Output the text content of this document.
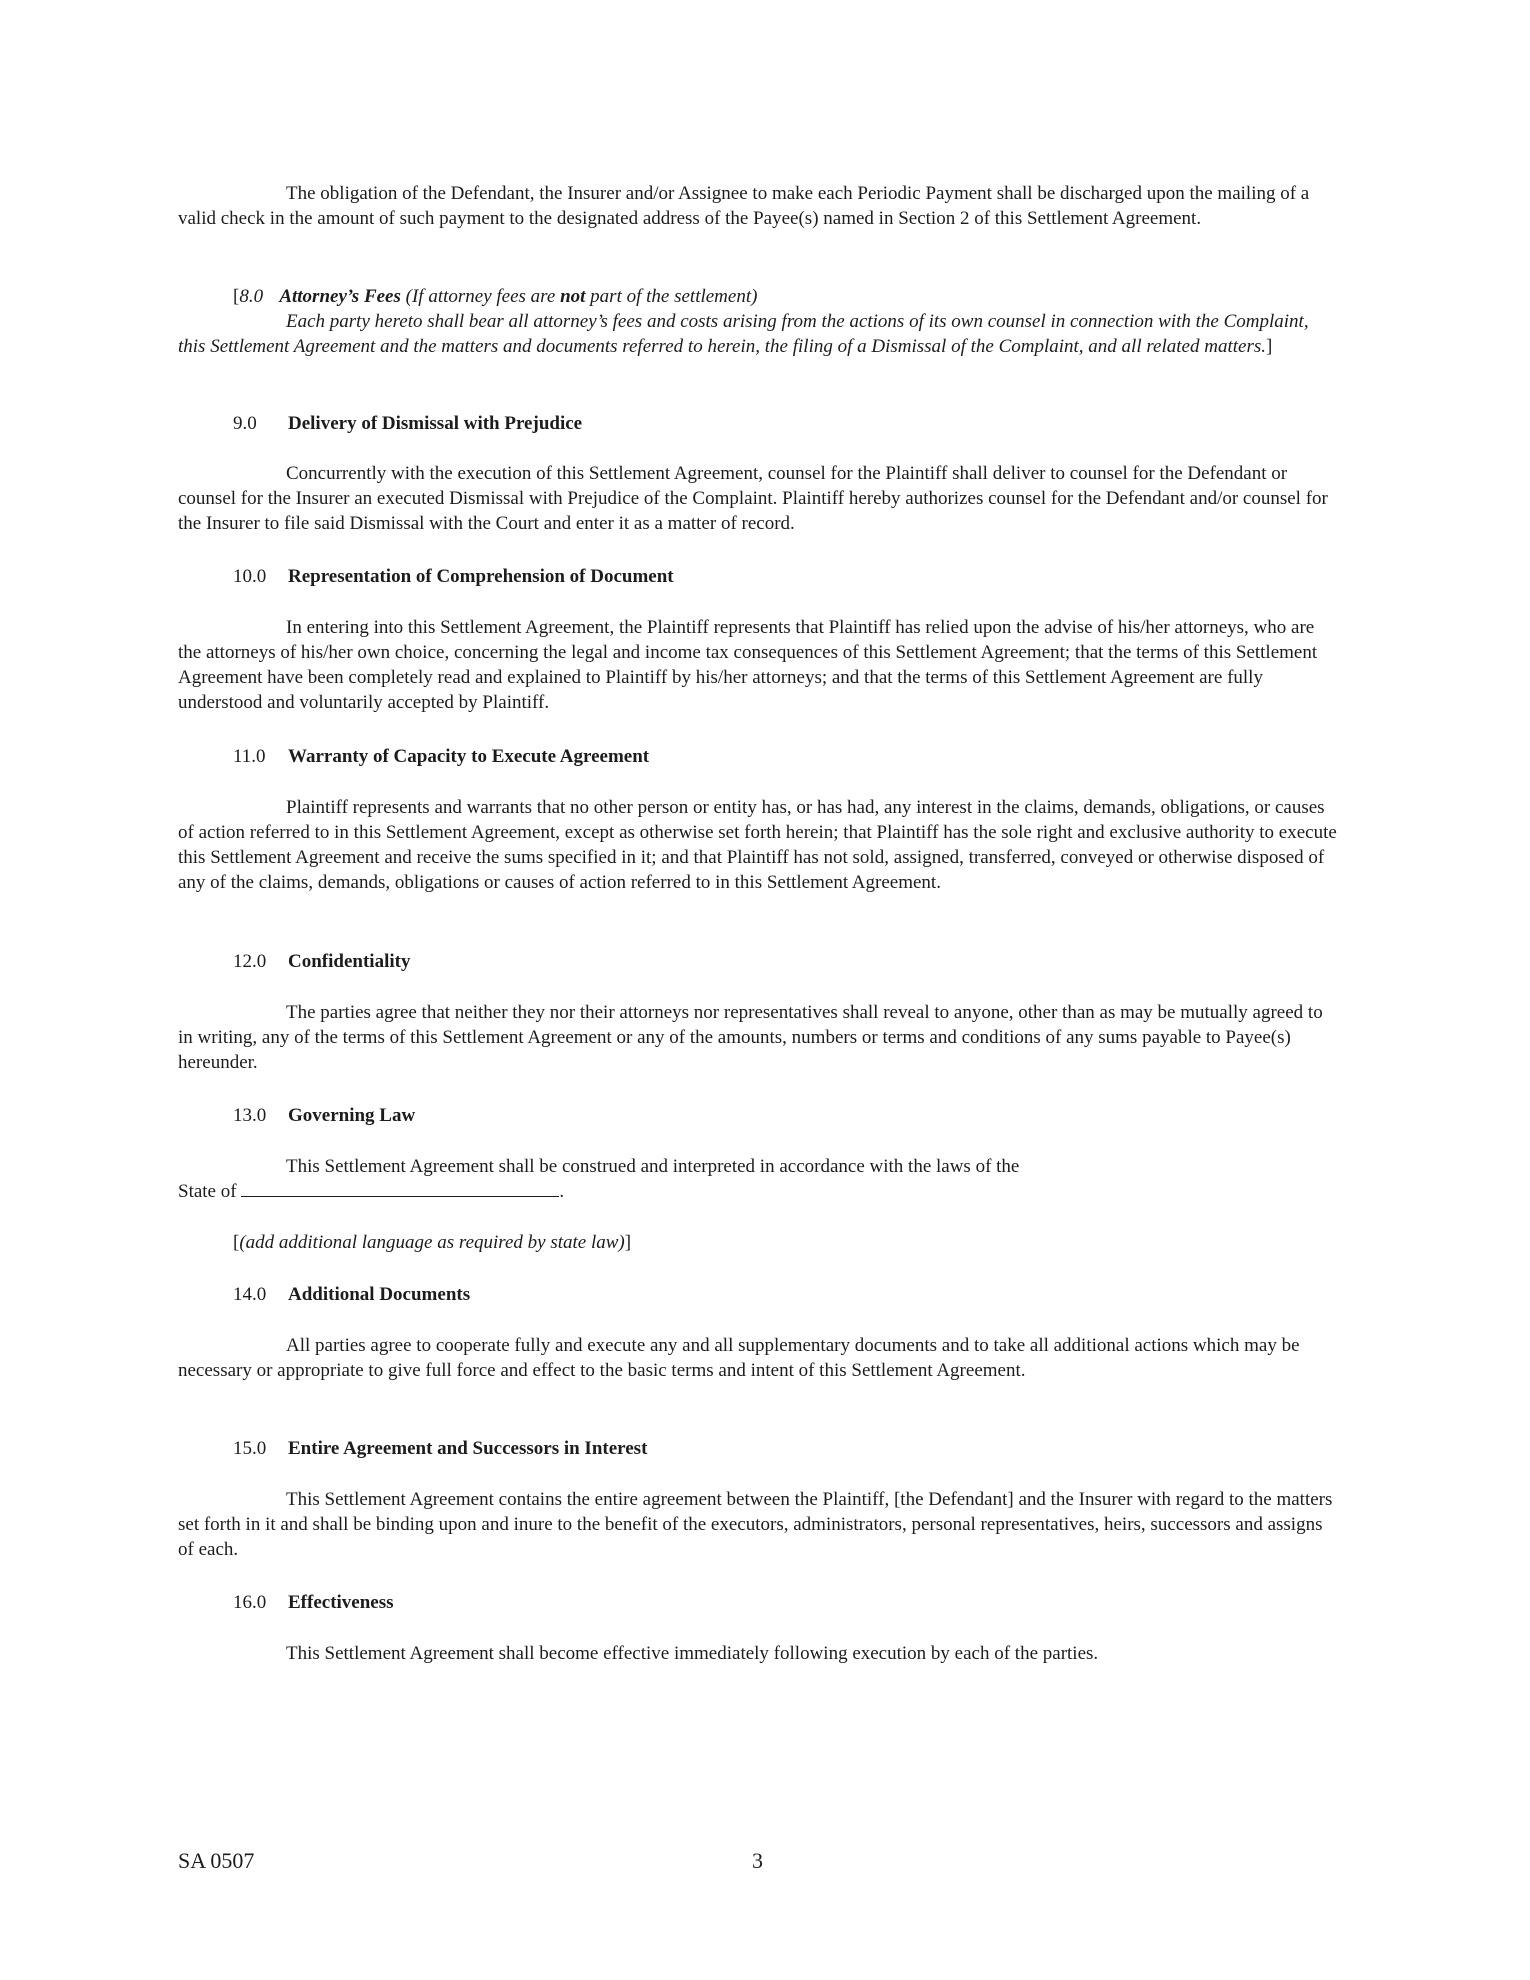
The obligation of the Defendant, the Insurer and/or Assignee to make each Periodic Payment shall be discharged upon the mailing of a valid check in the amount of such payment to the designated address of the Payee(s) named in Section 2 of this Settlement Agreement.

[8.0 Attorney’s Fees (If attorney fees are not part of the settlement)

Each party hereto shall bear all attorney’s fees and costs arising from the actions of its own counsel in connection with the Complaint, this Settlement Agreement and the matters and documents referred to herein, the filing of a Dismissal of the Complaint, and all related matters.]

9.0 Delivery of Dismissal with Prejudice

Concurrently with the execution of this Settlement Agreement, counsel for the Plaintiff shall deliver to counsel for the Defendant or counsel for the Insurer an executed Dismissal with Prejudice of the Complaint. Plaintiff hereby authorizes counsel for the Defendant and/or counsel for the Insurer to file said Dismissal with the Court and enter it as a matter of record.

10.0 Representation of Comprehension of Document

In entering into this Settlement Agreement, the Plaintiff represents that Plaintiff has relied upon the advise of his/her attorneys, who are the attorneys of his/her own choice, concerning the legal and income tax consequences of this Settlement Agreement; that the terms of this Settlement Agreement have been completely read and explained to Plaintiff by his/her attorneys; and that the terms of this Settlement Agreement are fully understood and voluntarily accepted by Plaintiff.

11.0 Warranty of Capacity to Execute Agreement

Plaintiff represents and warrants that no other person or entity has, or has had, any interest in the claims, demands, obligations, or causes of action referred to in this Settlement Agreement, except as otherwise set forth herein; that Plaintiff has the sole right and exclusive authority to execute this Settlement Agreement and receive the sums specified in it; and that Plaintiff has not sold, assigned, transferred, conveyed or otherwise disposed of any of the claims, demands, obligations or causes of action referred to in this Settlement Agreement.

12.0 Confidentiality

The parties agree that neither they nor their attorneys nor representatives shall reveal to anyone, other than as may be mutually agreed to in writing, any of the terms of this Settlement Agreement or any of the amounts, numbers or terms and conditions of any sums payable to Payee(s) hereunder.

13.0 Governing Law

This Settlement Agreement shall be construed and interpreted in accordance with the laws of the

State of	.

[(add additional language as required by state law)]

14.0 Additional Documents

All parties agree to cooperate fully and execute any and all supplementary documents and to take all additional actions which may be necessary or appropriate to give full force and effect to the basic terms and intent of this Settlement Agreement.

15.0 Entire Agreement and Successors in Interest

This Settlement Agreement contains the entire agreement between the Plaintiff, [the Defendant] and the Insurer with regard to the matters set forth in it and shall be binding upon and inure to the benefit of the executors, administrators, personal representatives, heirs, successors and assigns of each.

16.0 Effectiveness

This Settlement Agreement shall become effective immediately following execution by each of the parties.

SA 0507	3
